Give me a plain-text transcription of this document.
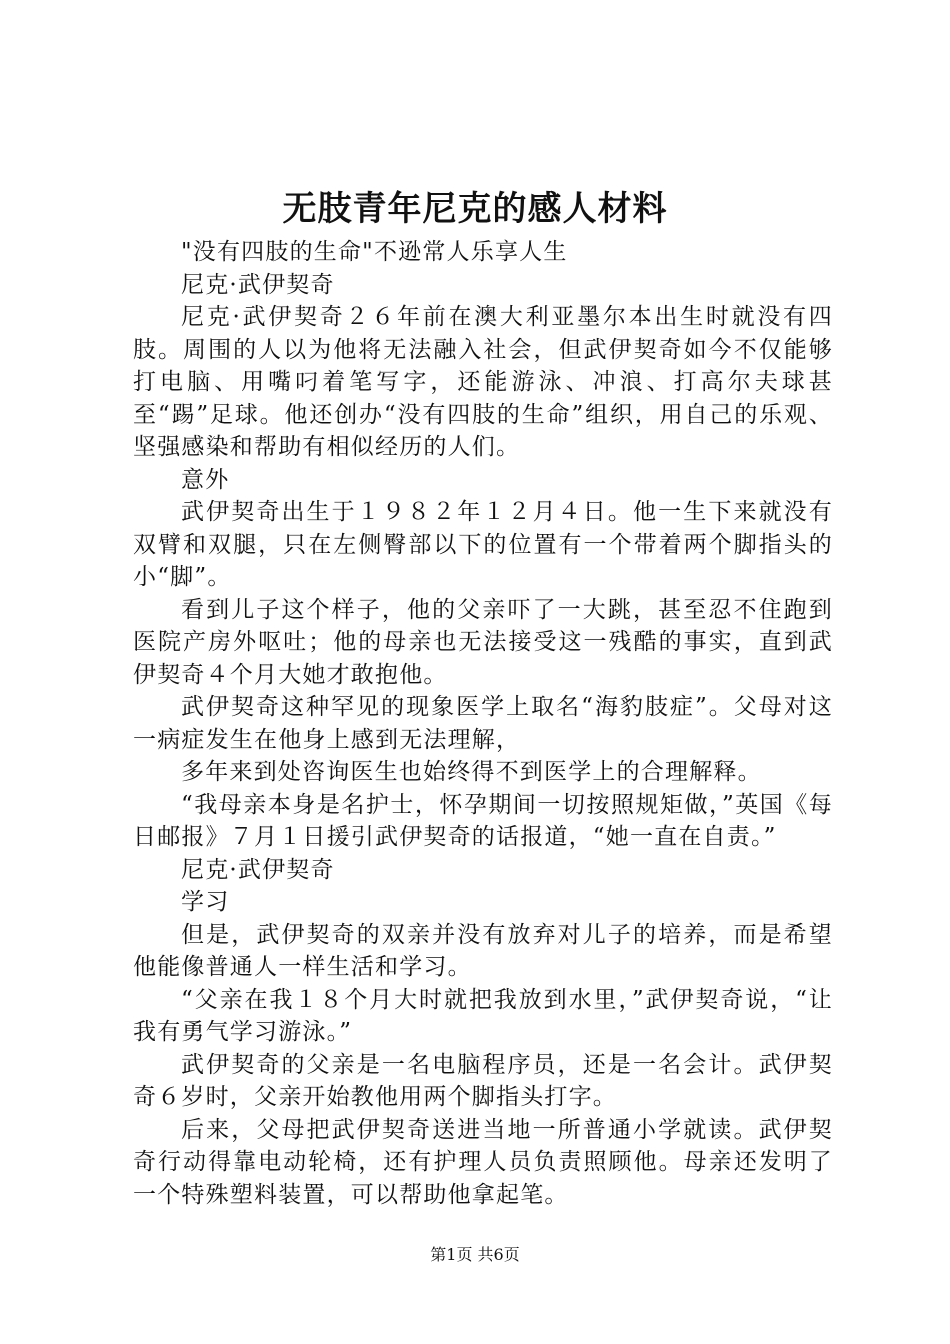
无肢青年尼克的感人材料

"没有四肢的生命"不逊常人乐享人生

尼克·武伊契奇

尼克·武伊契奇２６年前在澳大利亚墨尔本出生时就没有四肢。周围的人以为他将无法融入社会，但武伊契奇如今不仅能够打电脑、用嘴叼着笔写字，还能游泳、冲浪、打高尔夫球甚至“踢”足球。他还创办“没有四肢的生命”组织，用自己的乐观、坚强感染和帮助有相似经历的人们。

意外

武伊契奇出生于１９８２年１２月４日。他一生下来就没有双臂和双腿，只在左侧臀部以下的位置有一个带着两个脚指头的小“脚”。

看到儿子这个样子，他的父亲吓了一大跳，甚至忍不住跑到医院产房外呕吐；他的母亲也无法接受这一残酷的事实，直到武伊契奇４个月大她才敢抱他。

武伊契奇这种罕见的现象医学上取名“海豹肢症”。父母对这一病症发生在他身上感到无法理解，

多年来到处咨询医生也始终得不到医学上的合理解释。

“我母亲本身是名护士，怀孕期间一切按照规矩做，”英国《每日邮报》７月１日援引武伊契奇的话报道，“她一直在自责。”

尼克·武伊契奇

学习

但是，武伊契奇的双亲并没有放弃对儿子的培养，而是希望他能像普通人一样生活和学习。

“父亲在我１８个月大时就把我放到水里，”武伊契奇说，“让我有勇气学习游泳。”

武伊契奇的父亲是一名电脑程序员，还是一名会计。武伊契奇６岁时，父亲开始教他用两个脚指头打字。

后来，父母把武伊契奇送进当地一所普通小学就读。武伊契奇行动得靠电动轮椅，还有护理人员负责照顾他。母亲还发明了一个特殊塑料装置，可以帮助他拿起笔。

第1页 共6页
